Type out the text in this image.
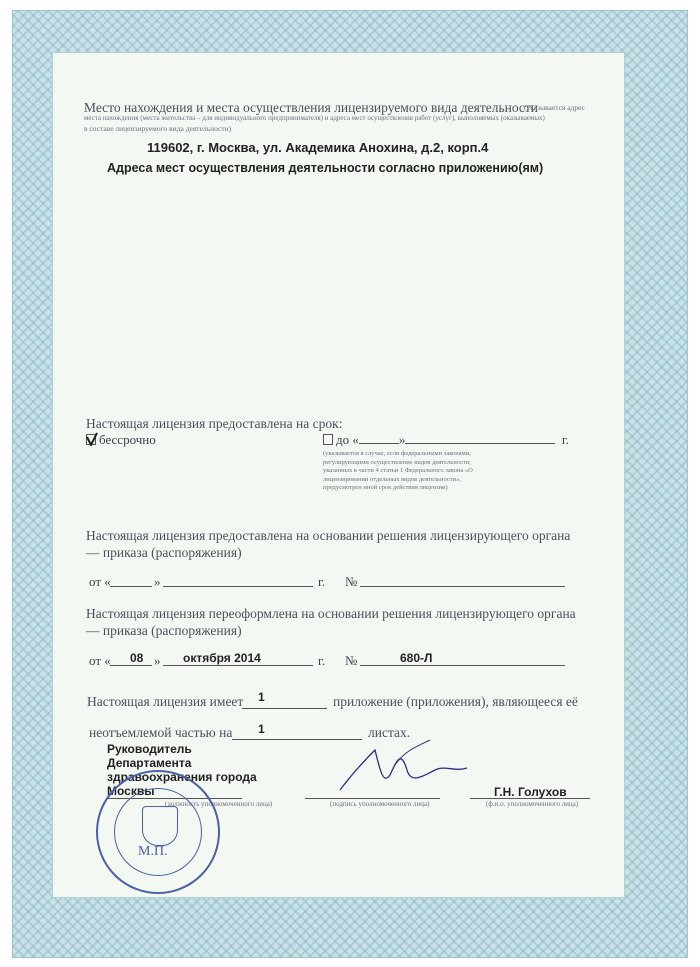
Место нахождения и места осуществления лицензируемого вида деятельности
(указывается адрес
места нахождения (места жительства – для индивидуального предпринимателя) и адреса мест осуществления работ (услуг), выполняемых (оказываемых)
в составе лицензируемого вида деятельности)
119602, г. Москва, ул. Академика Анохина, д.2, корп.4
Адреса мест осуществления деятельности согласно приложению(ям)
Настоящая лицензия предоставлена на срок:
бессрочно	до «	»	г.
(указывается в случае, если федеральными законами, регулирующими осуществление видов деятельности, указанных в части 4 статьи 1 Федерального закона «О лицензировании отдельных видов деятельности», предусмотрен иной срок действия лицензии)
Настоящая лицензия предоставлена на основании решения лицензирующего органа
— приказа (распоряжения)
от «	»	г. №
Настоящая лицензия переоформлена на основании решения лицензирующего органа
— приказа (распоряжения)
от « 08 » октября 2014	г. №	680-Л
Настоящая лицензия имеет 1	приложение (приложения), являющееся её
неотъемлемой частью на 1	листах.
Руководитель
Департамента
здравоохранения города
Москвы
(должность уполномоченного лица)	(подпись уполномоченного лица)
Г.Н. Голухов
(ф.и.о. уполномоченного лица)
М.П.
